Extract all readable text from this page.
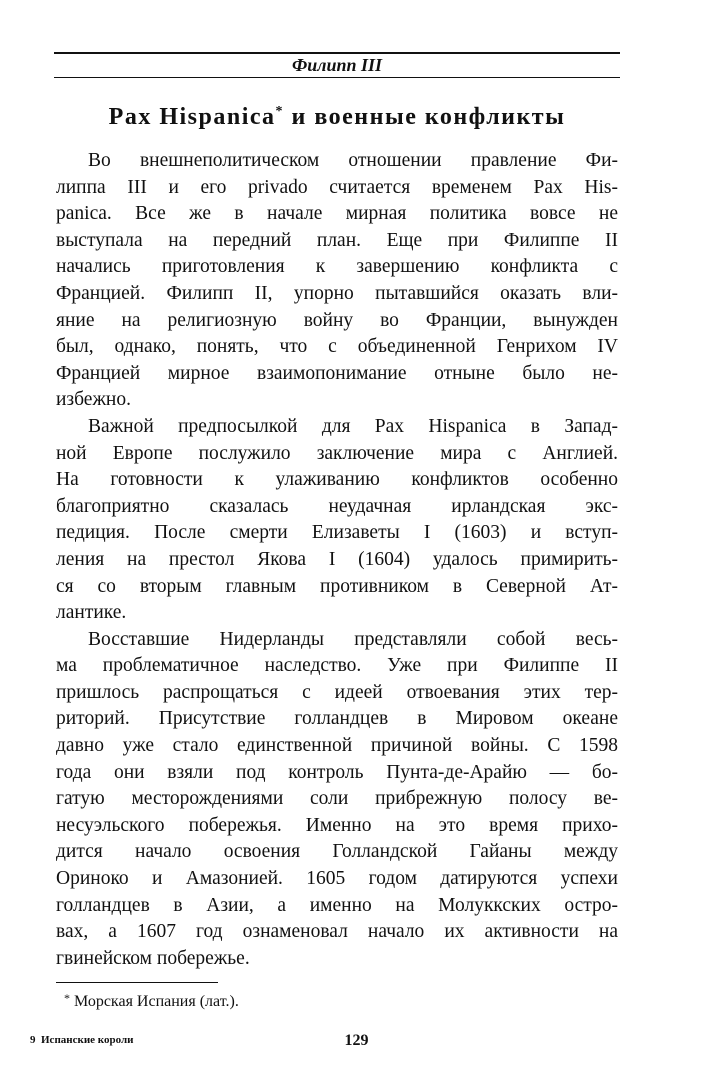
Филипп III
Pax Hispanica* и военные конфликты
Во внешнеполитическом отношении правление Фи-
липпа III и его privado считается временем Pax His-
panica. Все же в начале мирная политика вовсе не
выступала на передний план. Еще при Филиппе II
начались приготовления к завершению конфликта с
Францией. Филипп II, упорно пытавшийся оказать вли-
яние на религиозную войну во Франции, вынужден
был, однако, понять, что с объединенной Генрихом IV
Францией мирное взаимопонимание отныне было не-
избежно.
Важной предпосылкой для Pax Hispanica в Запад-
ной Европе послужило заключение мира с Англией.
На готовности к улаживанию конфликтов особенно
благоприятно сказалась неудачная ирландская экс-
педиция. После смерти Елизаветы I (1603) и вступ-
ления на престол Якова I (1604) удалось примирить-
ся со вторым главным противником в Северной Ат-
лантике.
Восставшие Нидерланды представляли собой весь-
ма проблематичное наследство. Уже при Филиппе II
пришлось распрощаться с идеей отвоевания этих тер-
риторий. Присутствие голландцев в Мировом океане
давно уже стало единственной причиной войны. С 1598
года они взяли под контроль Пунта-де-Арайю — бо-
гатую месторождениями соли прибрежную полосу ве-
несуэльского побережья. Именно на это время прихо-
дится начало освоения Голландской Гайаны между
Ориноко и Амазонией. 1605 годом датируются успехи
голландцев в Азии, а именно на Молуккских остро-
вах, а 1607 год ознаменовал начало их активности на
гвинейском побережье.
* Морская Испания (лат.).
9 Испанские короли	129
